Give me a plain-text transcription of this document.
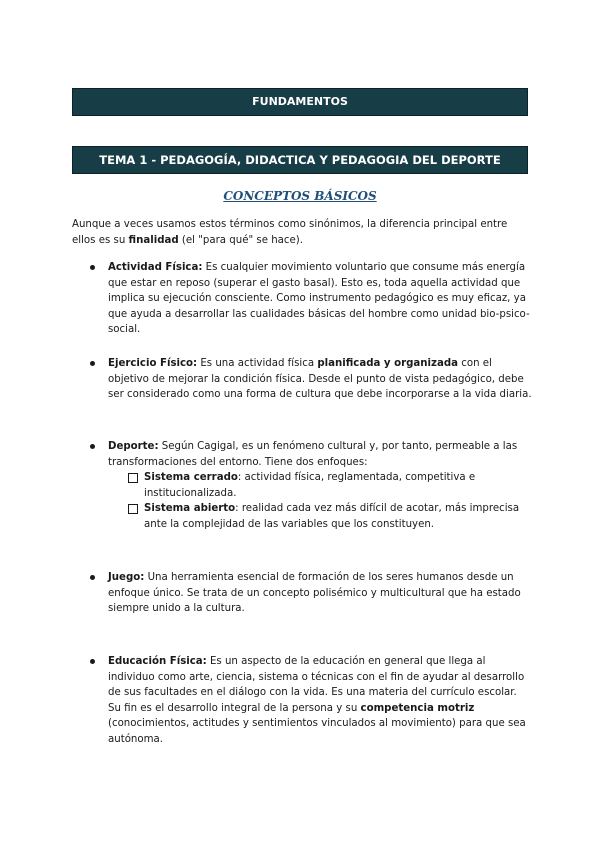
FUNDAMENTOS
TEMA 1 - PEDAGOGÍA, DIDACTICA Y PEDAGOGIA DEL DEPORTE
CONCEPTOS BÁSICOS

Aunque a veces usamos estos términos como sinónimos, la diferencia principal entre ellos es su finalidad (el "para qué" se hace).

Actividad Física: Es cualquier movimiento voluntario que consume más energía que estar en reposo (superar el gasto basal). Esto es, toda aquella actividad que implica su ejecución consciente. Como instrumento pedagógico es muy eficaz, ya que ayuda a desarrollar las cualidades básicas del hombre como unidad bio-psico-social.

Ejercicio Físico: Es una actividad física planificada y organizada con el objetivo de mejorar la condición física. Desde el punto de vista pedagógico, debe ser considerado como una forma de cultura que debe incorporarse a la vida diaria.

Deporte: Según Cagigal, es un fenómeno cultural y, por tanto, permeable a las transformaciones del entorno. Tiene dos enfoques:
Sistema cerrado: actividad física, reglamentada, competitiva e institucionalizada.
Sistema abierto: realidad cada vez más difícil de acotar, más imprecisa ante la complejidad de las variables que los constituyen.

Juego: Una herramienta esencial de formación de los seres humanos desde un enfoque único. Se trata de un concepto polisémico y multicultural que ha estado siempre unido a la cultura.

Educación Física: Es un aspecto de la educación en general que llega al individuo como arte, ciencia, sistema o técnicas con el fin de ayudar al desarrollo de sus facultades en el diálogo con la vida. Es una materia del currículo escolar. Su fin es el desarrollo integral de la persona y su competencia motriz (conocimientos, actitudes y sentimientos vinculados al movimiento) para que sea autónoma.
